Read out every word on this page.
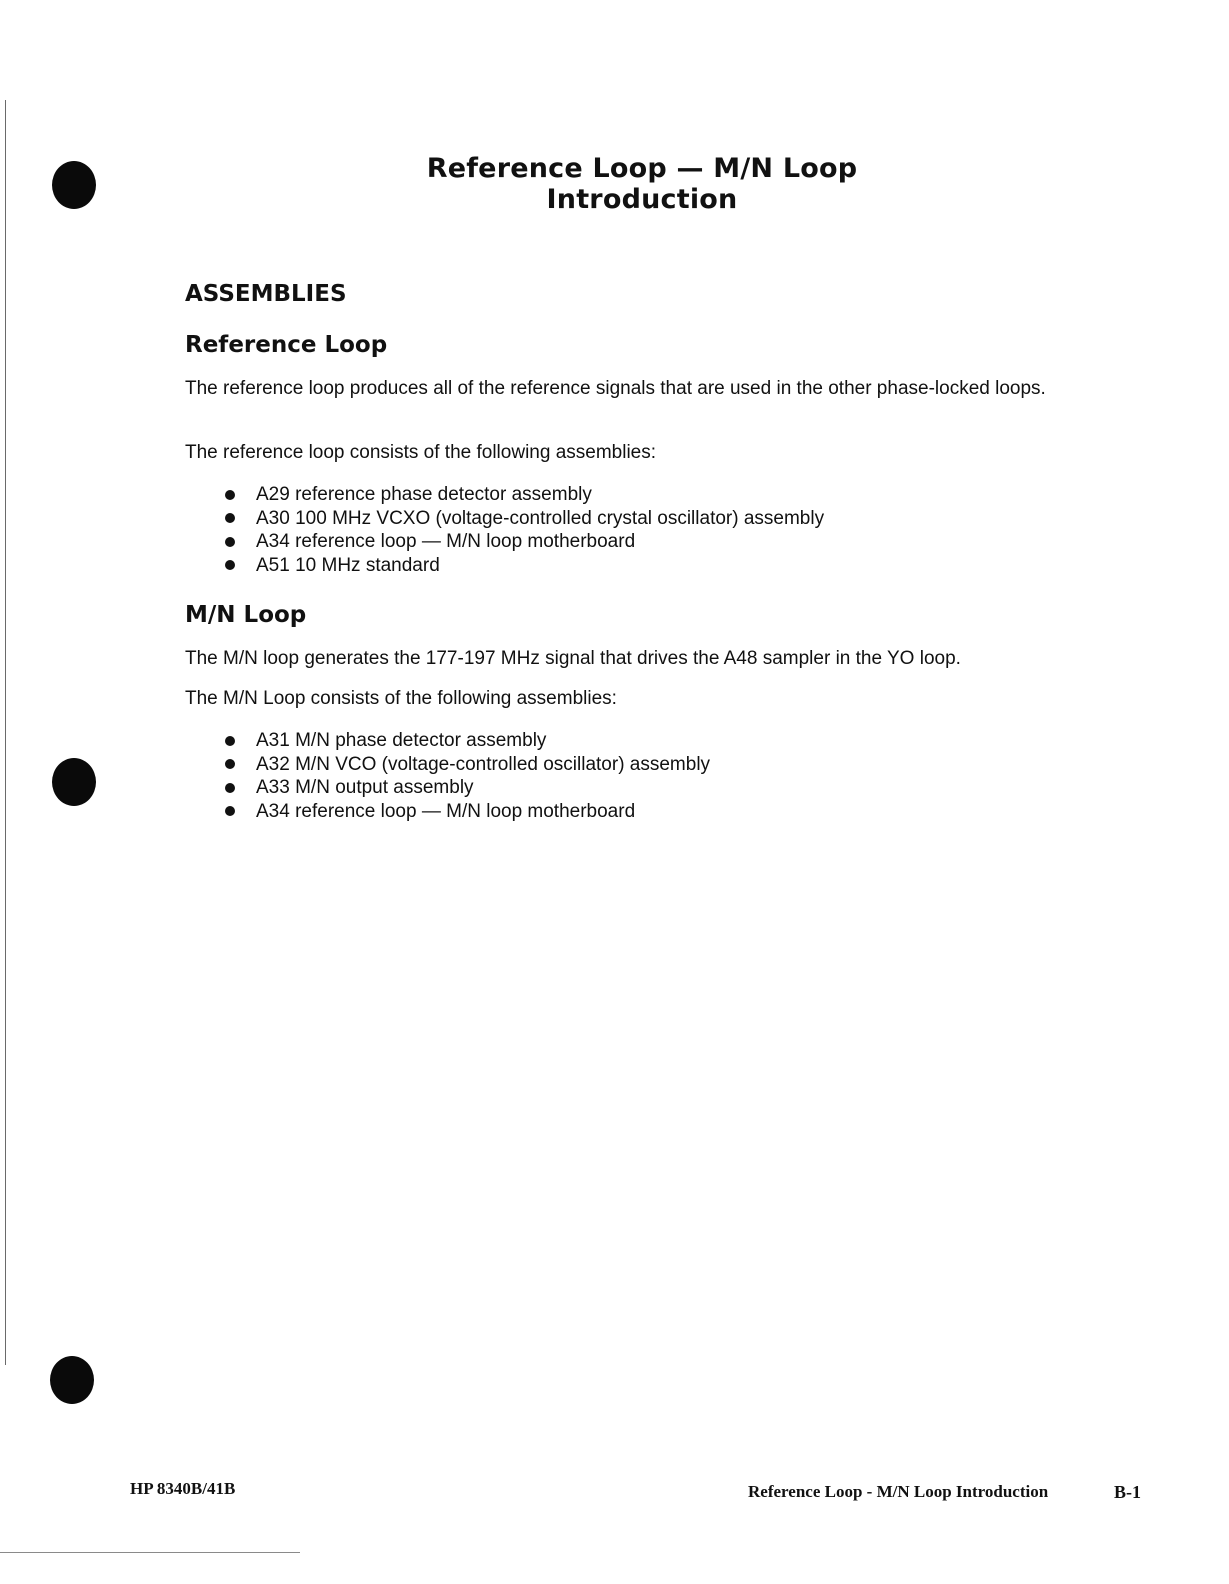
Reference Loop — M/N Loop
Introduction
ASSEMBLIES
Reference Loop

The reference loop produces all of the reference signals that are used in the other phase-locked loops.

The reference loop consists of the following assemblies:

A29 reference phase detector assembly
A30 100 MHz VCXO (voltage-controlled crystal oscillator) assembly
A34 reference loop — M/N loop motherboard
A51 10 MHz standard
M/N Loop

The M/N loop generates the 177-197 MHz signal that drives the A48 sampler in the YO loop.

The M/N Loop consists of the following assemblies:

A31 M/N phase detector assembly
A32 M/N VCO (voltage-controlled oscillator) assembly
A33 M/N output assembly
A34 reference loop — M/N loop motherboard

HP 8340B/41B	Reference Loop - M/N Loop Introduction	B-1
